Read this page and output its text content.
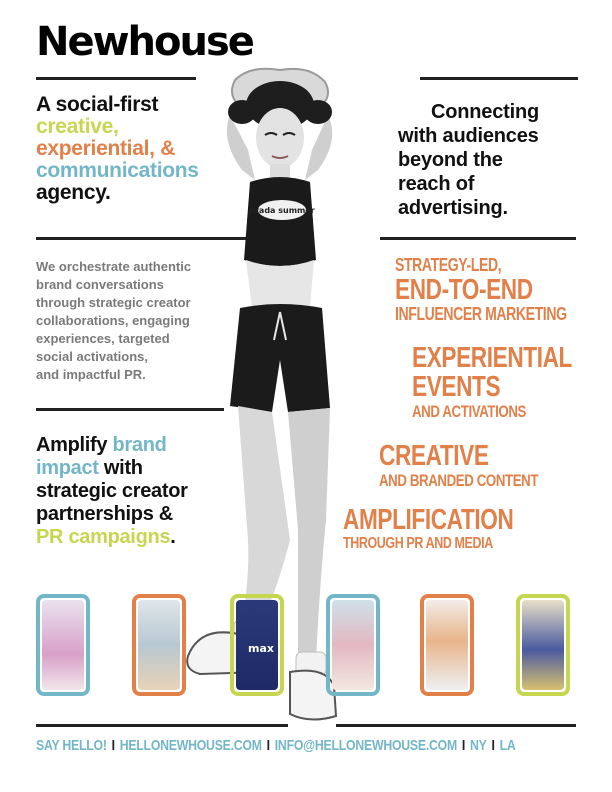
Newhouse
A social-first
creative,
experiential, &
communications
agency.
Connecting
with audiences
beyond the
reach of
advertising.
We orchestrate authentic
brand conversations
through strategic creator
collaborations, engaging
experiences, targeted
social activations,
and impactful PR.
Amplify brand
impact with
strategic creator
partnerships &
PR campaigns.
prada summer
STRATEGY-LED,
END-TO-END
INFLUENCER MARKETING
EXPERIENTIAL
EVENTS
AND ACTIVATIONS
CREATIVE
AND BRANDED CONTENT
AMPLIFICATION
THROUGH PR AND MEDIA
max
SAY HELLO! I HELLONEWHOUSE.COM I INFO@HELLONEWHOUSE.COM I NY I LA
